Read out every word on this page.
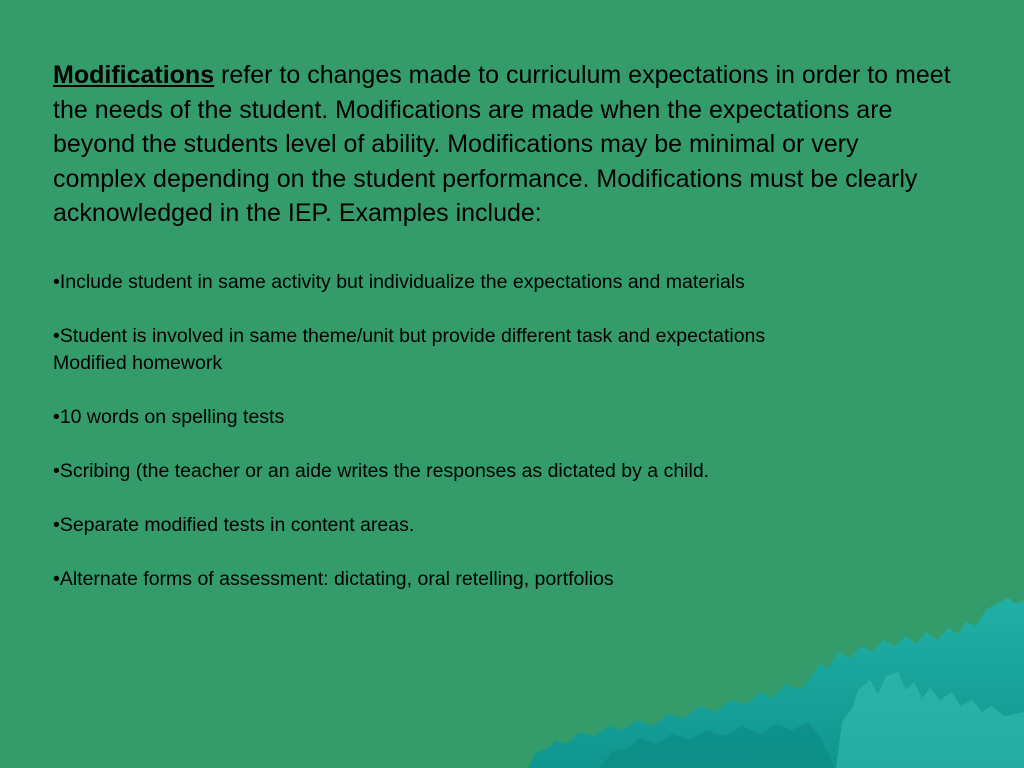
Modifications refer to changes made to curriculum expectations in order to meet the needs of the student. Modifications are made when the expectations are beyond the students level of ability. Modifications may be minimal or very complex depending on the student performance. Modifications must be clearly acknowledged in the IEP. Examples include:

•Include student in same activity but individualize the expectations and materials
•Student is involved in same theme/unit but provide different task and expectations
Modified homework
•10 words on spelling tests
•Scribing (the teacher or an aide writes the responses as dictated by a child.
•Separate modified tests in content areas.
•Alternate forms of assessment: dictating, oral retelling, portfolios
